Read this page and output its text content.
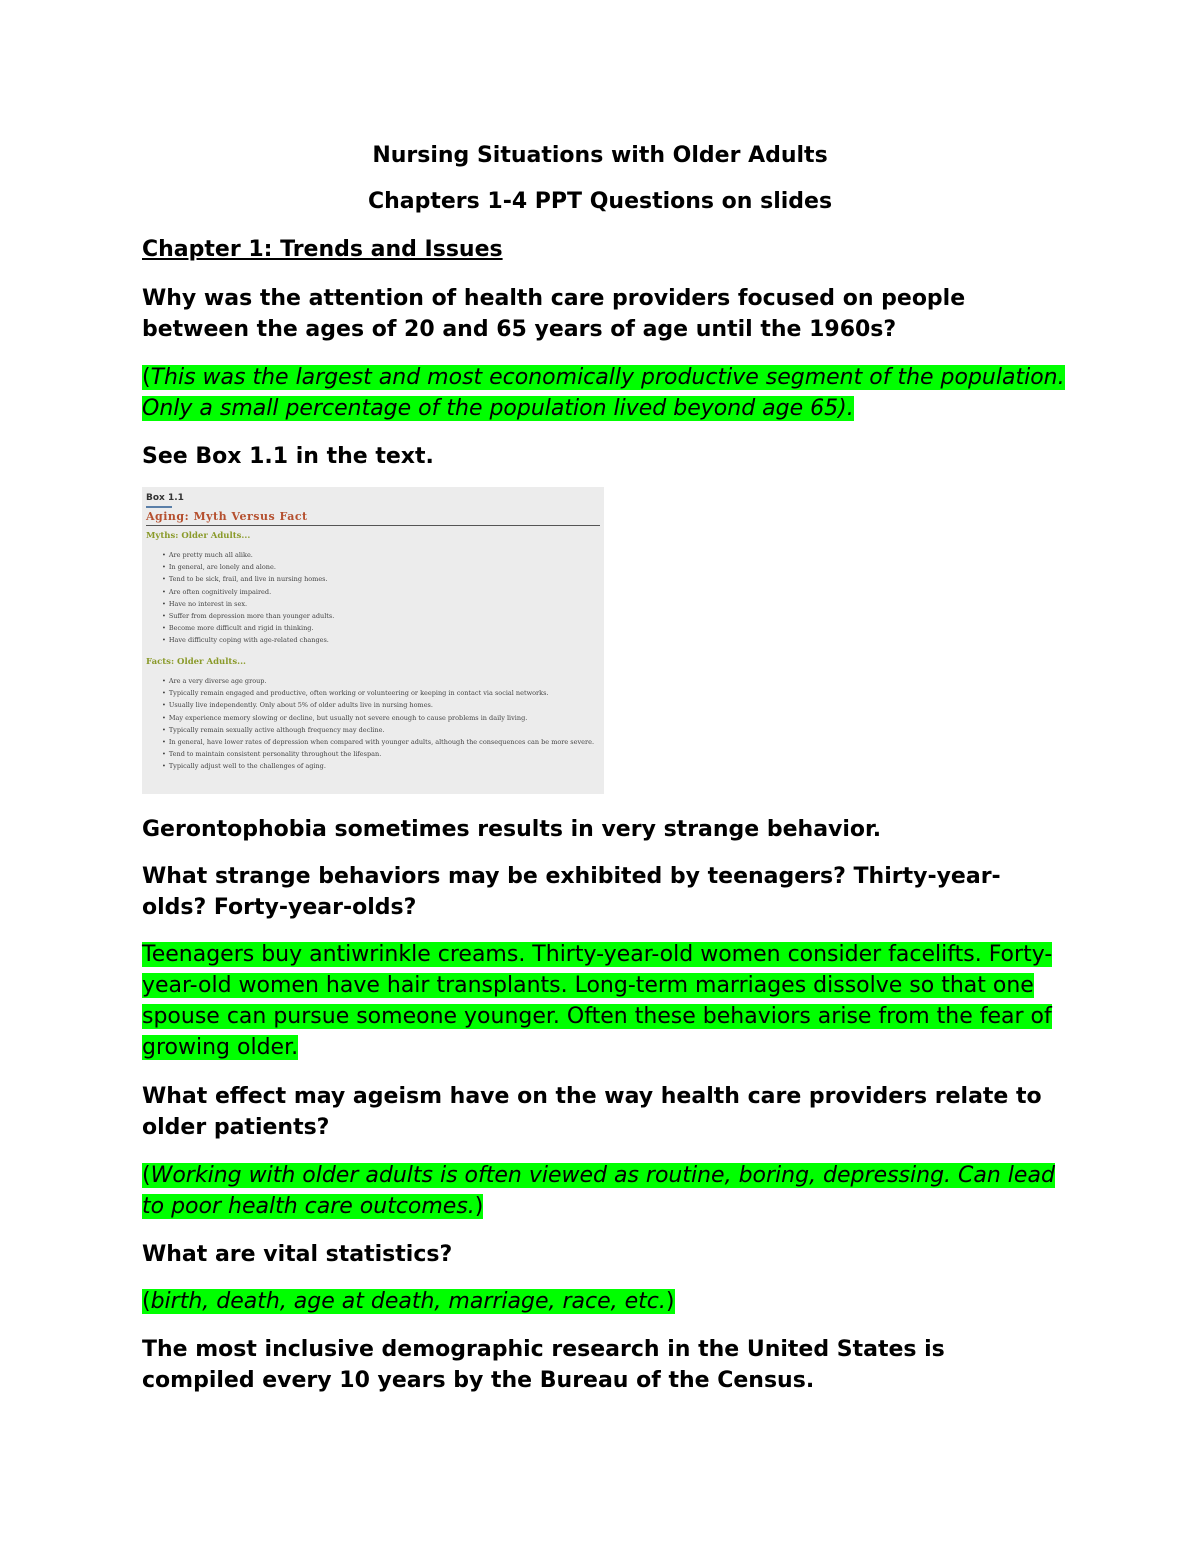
Nursing Situations with Older Adults
Chapters 1-4 PPT Questions on slides
Chapter 1: Trends and Issues
Why was the attention of health care providers focused on people between the ages of 20 and 65 years of age until the 1960s?
(This was the largest and most economically productive segment of the population. Only a small percentage of the population lived beyond age 65).
See Box 1.1 in the text.
Box 1.1
Aging: Myth Versus Fact
Myths: Older Adults...
• Are pretty much all alike.
• In general, are lonely and alone.
• Tend to be sick, frail, and live in nursing homes.
• Are often cognitively impaired.
• Have no interest in sex.
• Suffer from depression more than younger adults.
• Become more difficult and rigid in thinking.
• Have difficulty coping with age-related changes.
Facts: Older Adults...
• Are a very diverse age group.
• Typically remain engaged and productive, often working or volunteering or keeping in contact via social networks.
• Usually live independently. Only about 5% of older adults live in nursing homes.
• May experience memory slowing or decline, but usually not severe enough to cause problems in daily living.
• Typically remain sexually active although frequency may decline.
• In general, have lower rates of depression when compared with younger adults, although the consequences can be more severe.
• Tend to maintain consistent personality throughout the lifespan.
• Typically adjust well to the challenges of aging.
Gerontophobia sometimes results in very strange behavior.
What strange behaviors may be exhibited by teenagers? Thirty-year-olds? Forty-year-olds?
Teenagers buy antiwrinkle creams. Thirty-year-old women consider facelifts. Forty-year-old women have hair transplants. Long-term marriages dissolve so that one spouse can pursue someone younger. Often these behaviors arise from the fear of growing older.
What effect may ageism have on the way health care providers relate to older patients?
(Working with older adults is often viewed as routine, boring, depressing. Can lead to poor health care outcomes.)
What are vital statistics?
(birth, death, age at death, marriage, race, etc.)
The most inclusive demographic research in the United States is compiled every 10 years by the Bureau of the Census.
